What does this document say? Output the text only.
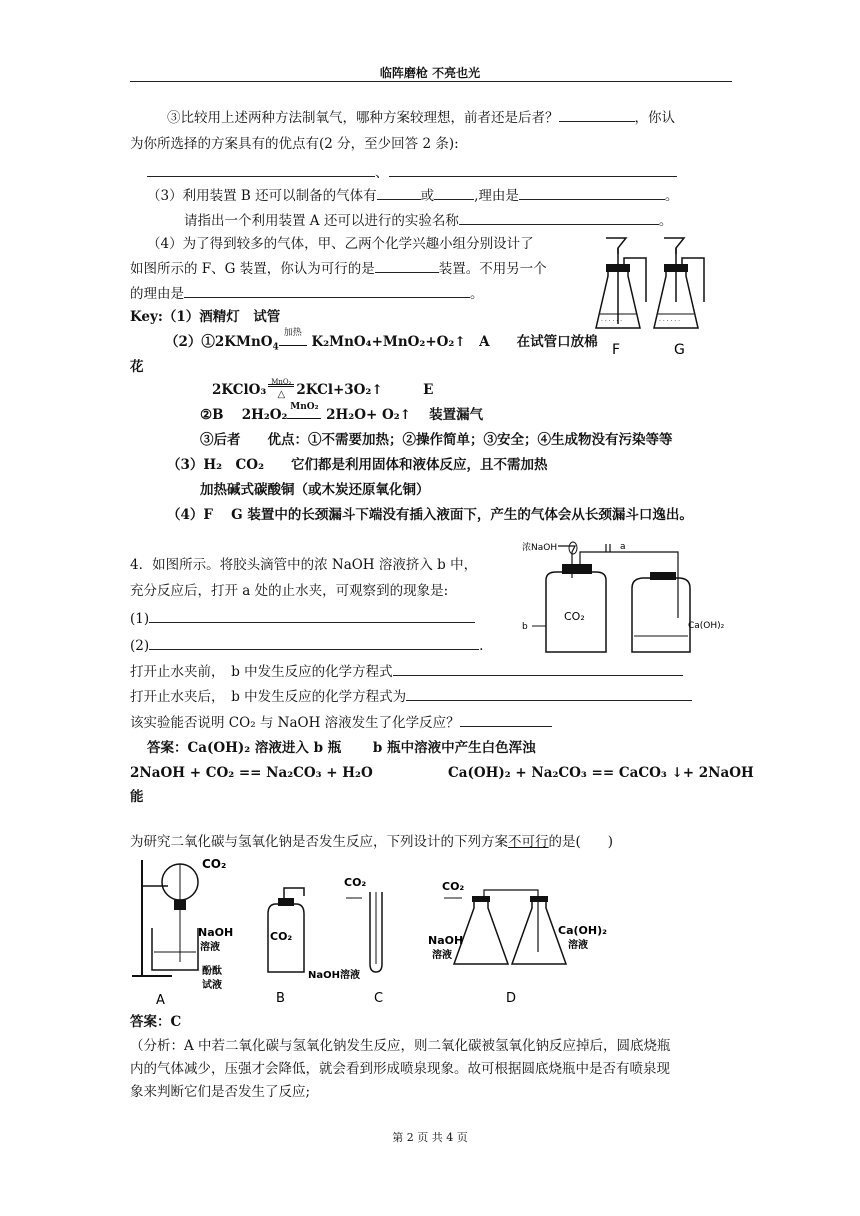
临阵磨枪 不亮也光
③比较用上述两种方法制氧气，哪种方案较理想，前者还是后者？	，你认
为你所选择的方案具有的优点有(2 分，至少回答 2 条):
、
（3）利用装置 B 还可以制备的气体有	或	,理由是	。
请指出一个利用装置 A 还可以进行的实验名称	。
（4）为了得到较多的气体，甲、乙两个化学兴趣小组分别设计了
如图所示的 F、G 装置，你认为可行的是	装置。不用另一个
的理由是	。
· · · · · ·	· · · · · ·
F	G
Key:（1）酒精灯　试管
（2）①2KMnO$_4$
加热
K₂MnO₄+MnO₂+O₂↑　A　　在试管口放棉
花
2KClO₃ MnO₂
△ 2KCl+3O₂↑　　　E
②B　 2H₂O₂ MnO₂ 2H₂O+ O₂↑　 装置漏气
③后者　　优点：①不需要加热；②操作简单；③安全；④生成物没有污染等等
（3）H₂　CO₂　　它们都是利用固体和液体反应，且不需加热
加热碱式碳酸铜（或木炭还原氧化铜）
（4）F　 G 装置中的长颈漏斗下端没有插入液面下，产生的气体会从长颈漏斗口逸出。
4．如图所示。将胶头滴管中的浓 NaOH 溶液挤入 b 中，
充分反应后，打开 a 处的止水夹，可观察到的现象是:
(1)
(2)	.
打开止水夹前，　b 中发生反应的化学方程式
打开止水夹后，　b 中发生反应的化学方程式为
该实验能否说明 CO₂ 与 NaOH 溶液发生了化学反应？
答案：Ca(OH)₂ 溶液进入 b 瓶　　 b 瓶中溶液中产生白色浑浊
2NaOH + CO₂ == Na₂CO₃ + H₂O	Ca(OH)₂ + Na₂CO₃ == CaCO₃ ↓+ 2NaOH
能
浓NaOH	a
CO₂
b	Ca(OH)₂
为研究二氧化碳与氢氧化钠是否发生反应，下列设计的下列方案不可行的是(　　)
CO₂
NaOH
溶液
酚酞
试液
A
CO₂
NaOH溶液
B
CO₂
C
CO₂
NaOH
溶液
Ca(OH)₂
溶液
D
答案：C
（分析：A 中若二氧化碳与氢氧化钠发生反应，则二氧化碳被氢氧化钠反应掉后，圆底烧瓶
内的气体减少，压强才会降低，就会看到形成喷泉现象。故可根据圆底烧瓶中是否有喷泉现
象来判断它们是否发生了反应;
第 2 页 共 4 页
